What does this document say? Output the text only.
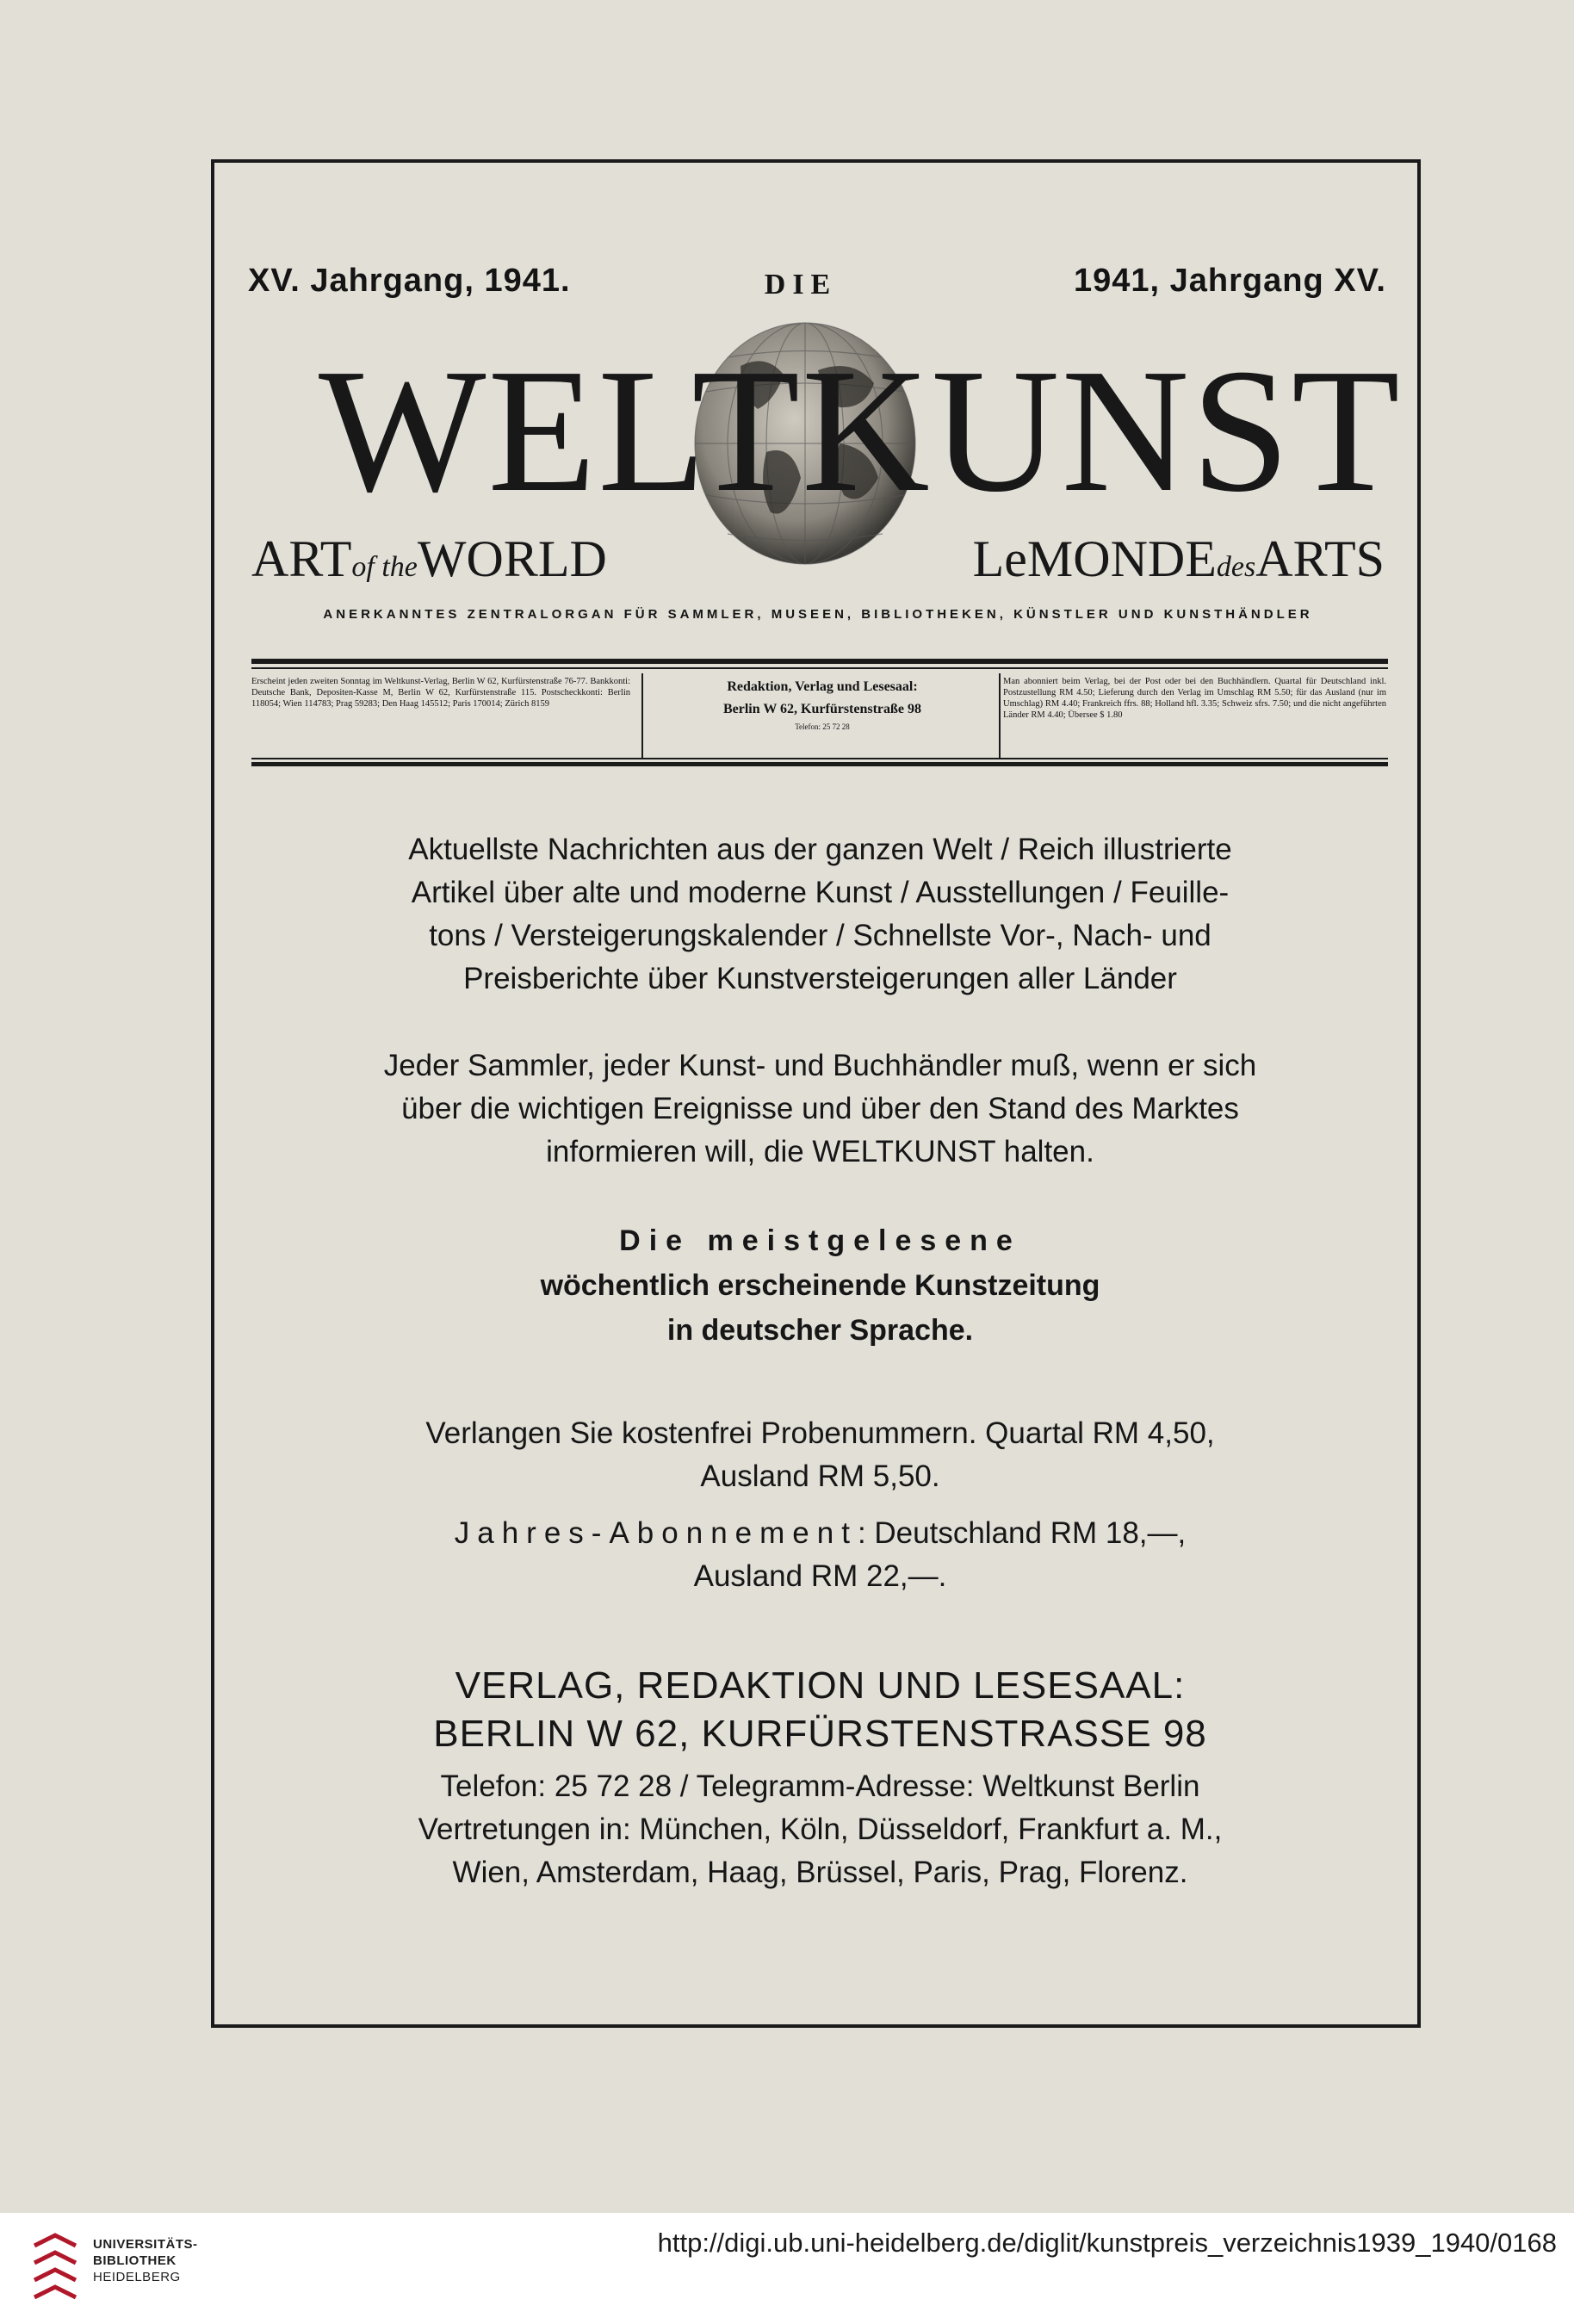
XV. Jahrgang, 1941.	DIE	1941, Jahrgang XV.
WELTKUNST
ARTof theWORLD	LeMONDEdesARTS
ANERKANNTES ZENTRALORGAN FÜR SAMMLER, MUSEEN, BIBLIOTHEKEN, KÜNSTLER UND KUNSTHÄNDLER
Erscheint jeden zweiten Sonntag im Weltkunst-Verlag, Berlin W 62, Kurfürstenstraße 76-77. Bankkonti: Deutsche Bank, Depositen-Kasse M, Berlin W 62, Kurfürstenstraße 115. Postscheckkonti: Berlin 118054; Wien 114783; Prag 59283; Den Haag 145512; Paris 170014; Zürich 8159
Redaktion, Verlag und Lesesaal:
Berlin W 62, Kurfürstenstraße 98
Telefon: 25 72 28
Man abonniert beim Verlag, bei der Post oder bei den Buchhändlern. Quartal für Deutschland inkl. Postzustellung RM 4.50; Lieferung durch den Verlag im Umschlag RM 5.50; für das Ausland (nur im Umschlag) RM 4.40; Frankreich ffrs. 88; Holland hfl. 3.35; Schweiz sfrs. 7.50; und die nicht angeführten Länder RM 4.40; Übersee $ 1.80
Aktuellste Nachrichten aus der ganzen Welt / Reich illustrierte
Artikel über alte und moderne Kunst / Ausstellungen / Feuille-
tons / Versteigerungskalender / Schnellste Vor-, Nach- und
Preisberichte über Kunstversteigerungen aller Länder
Jeder Sammler, jeder Kunst- und Buchhändler muß, wenn er sich
über die wichtigen Ereignisse und über den Stand des Marktes
informieren will, die WELTKUNST halten.
Die meistgelesene
wöchentlich erscheinende Kunstzeitung
in deutscher Sprache.
Verlangen Sie kostenfrei Probenummern. Quartal RM 4,50,
Ausland RM 5,50.
Jahres-Abonnement: Deutschland RM 18,—,
Ausland RM 22,—.
VERLAG, REDAKTION UND LESESAAL:
BERLIN W 62, KURFÜRSTENSTRASSE 98
Telefon: 25 72 28 / Telegramm-Adresse: Weltkunst Berlin
Vertretungen in: München, Köln, Düsseldorf, Frankfurt a. M.,
Wien, Amsterdam, Haag, Brüssel, Paris, Prag, Florenz.
UNIVERSITÄTS-
BIBLIOTHEK
HEIDELBERG
http://digi.ub.uni-heidelberg.de/diglit/kunstpreis_verzeichnis1939_1940/0168
